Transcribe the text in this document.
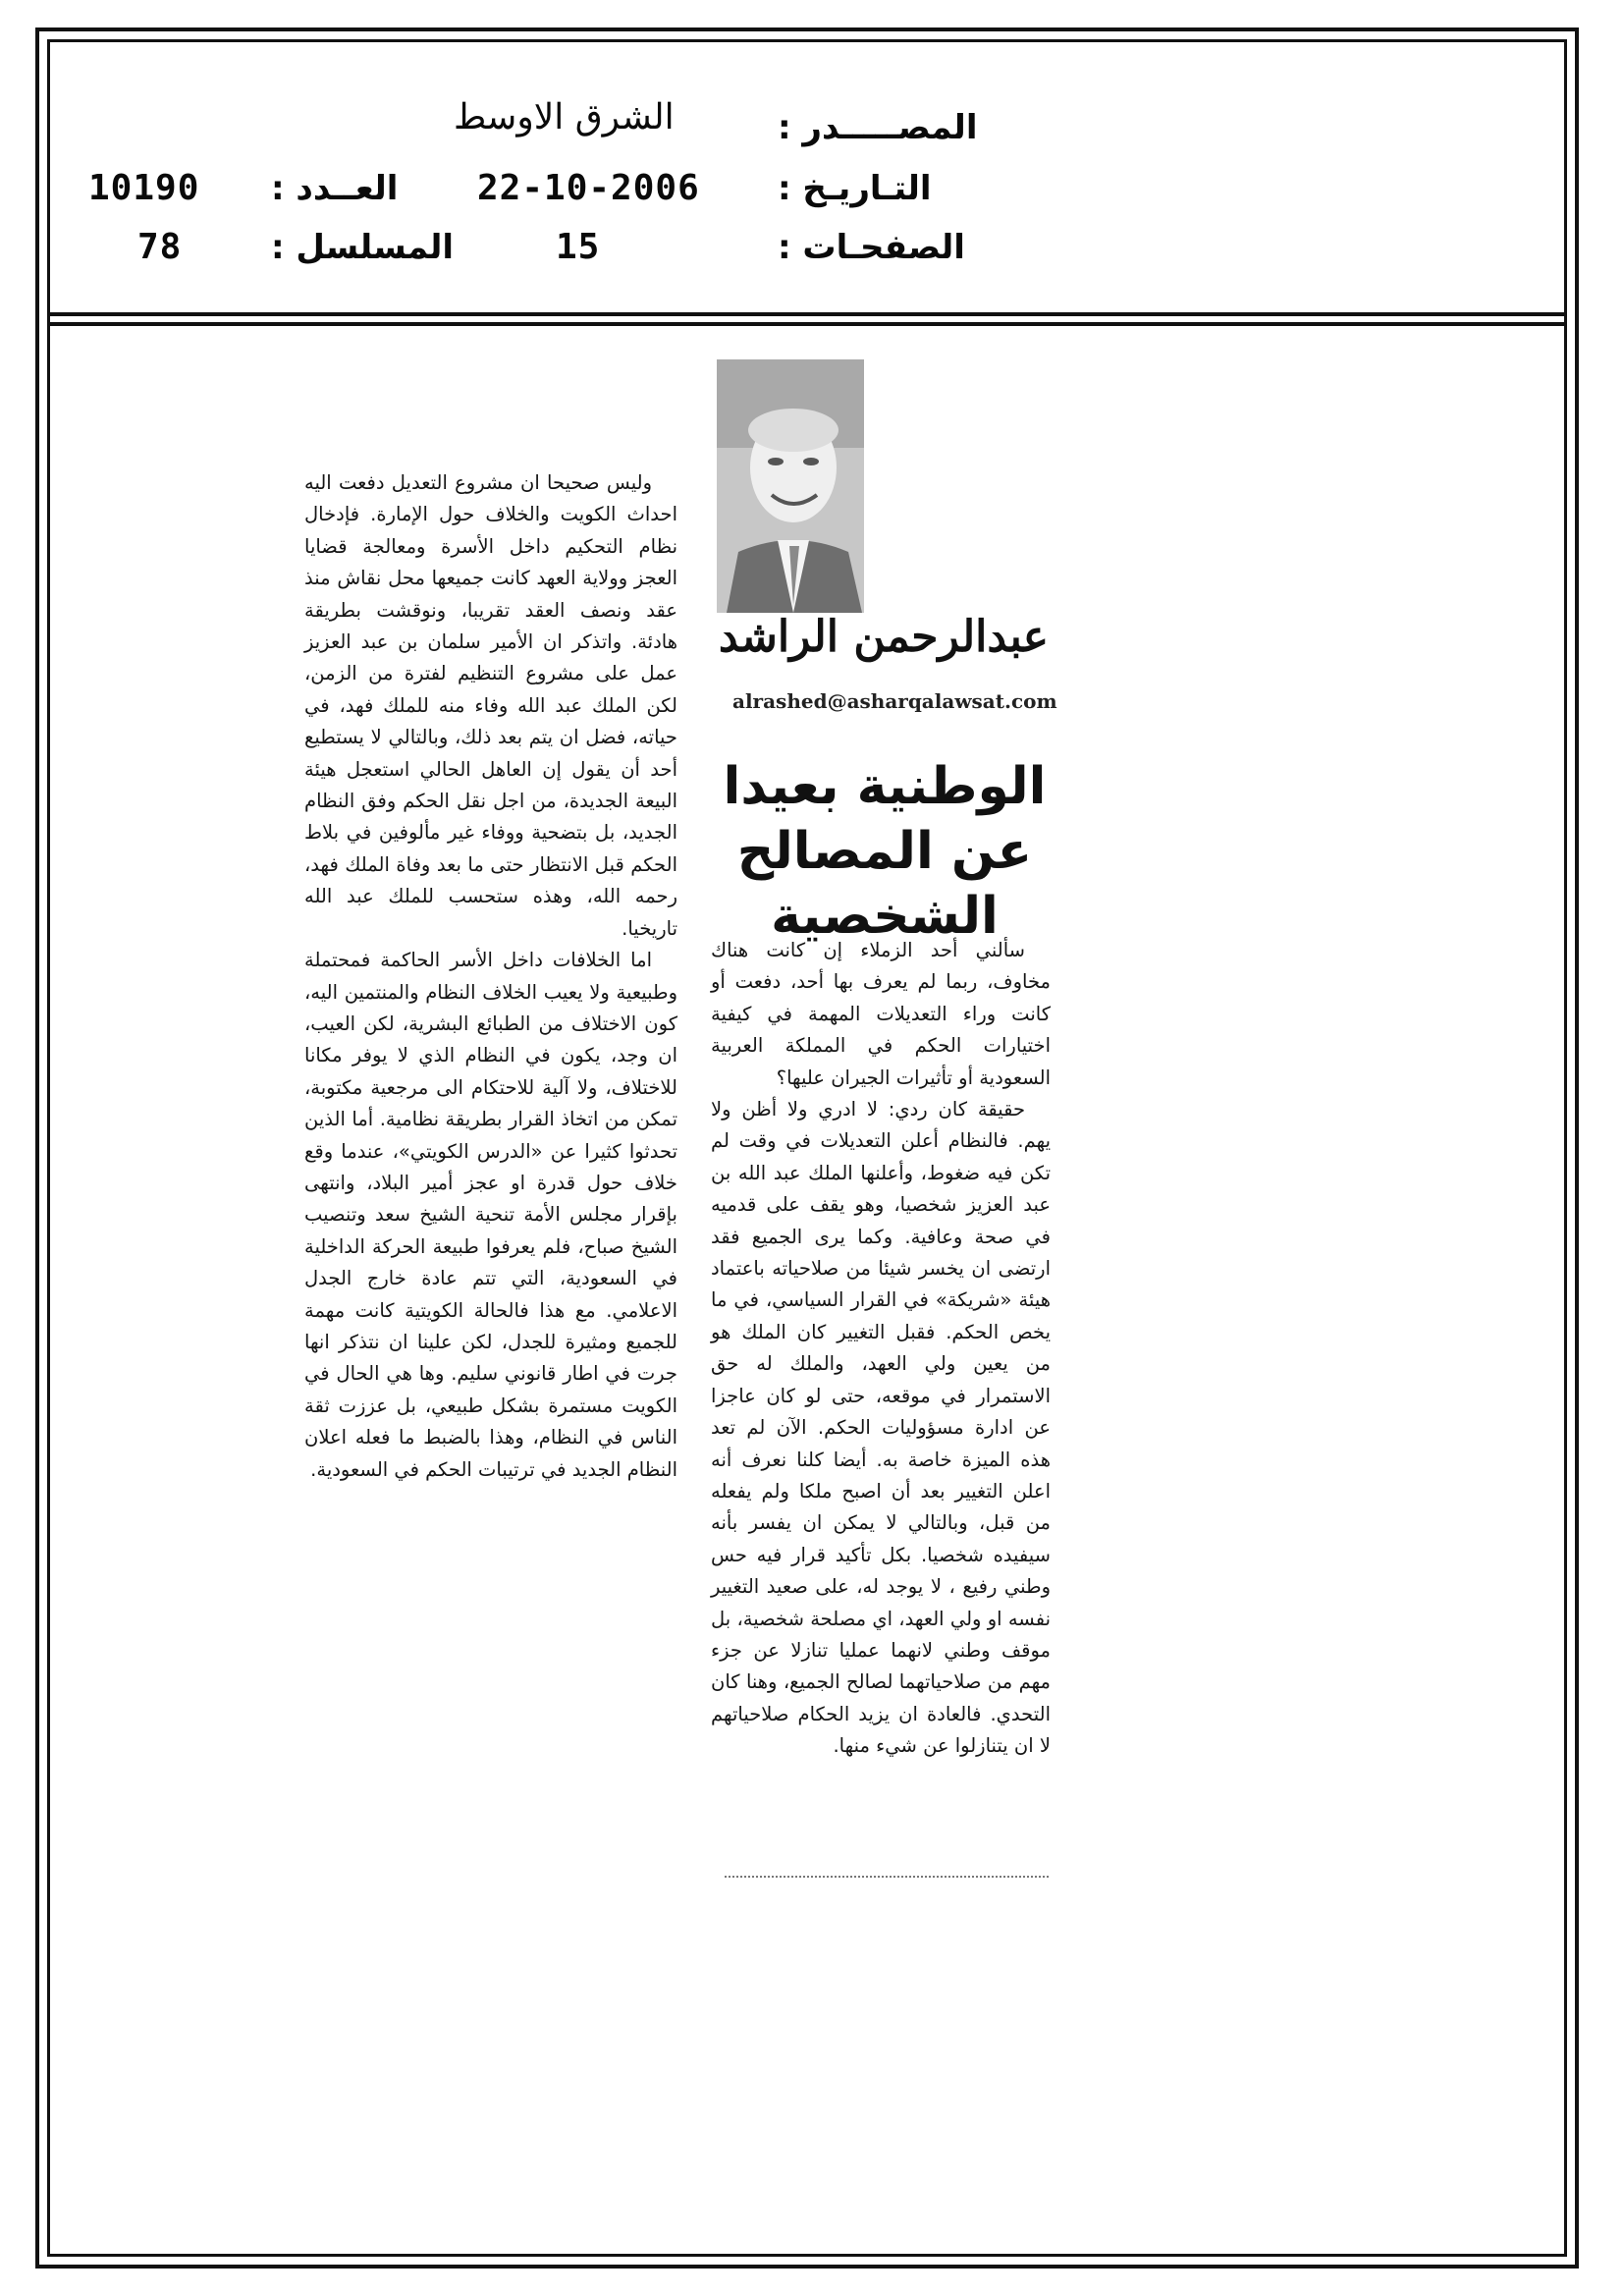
المصـــــدر :
الشرق الاوسط
التـاريـخ :
22-10-2006
العــدد :
10190
الصفحـات :
15
المسلسل :
78
عبدالرحمن الراشد
alrashed@asharqalawsat.com
الوطنية بعيدا
عن المصالح الشخصية

سألني أحد الزملاء إن كانت هناك مخاوف، ربما لم يعرف بها أحد، دفعت أو كانت وراء التعديلات المهمة في كيفية اختيارات الحكم في المملكة العربية السعودية أو تأثيرات الجيران عليها؟

حقيقة كان ردي: لا ادري ولا أظن ولا يهم. فالنظام أعلن التعديلات في وقت لم تكن فيه ضغوط، وأعلنها الملك عبد الله بن عبد العزيز شخصيا، وهو يقف على قدميه في صحة وعافية. وكما يرى الجميع فقد ارتضى ان يخسر شيئا من صلاحياته باعتماد هيئة «شريكة» في القرار السياسي، في ما يخص الحكم. فقبل التغيير كان الملك هو من يعين ولي العهد، والملك له حق الاستمرار في موقعه، حتى لو كان عاجزا عن ادارة مسؤوليات الحكم. الآن لم تعد هذه الميزة خاصة به. أيضا كلنا نعرف أنه اعلن التغيير بعد أن اصبح ملكا ولم يفعله من قبل، وبالتالي لا يمكن ان يفسر بأنه سيفيده شخصيا. بكل تأكيد قرار فيه حس وطني رفيع ، لا يوجد له، على صعيد التغيير نفسه او ولي العهد، اي مصلحة شخصية، بل موقف وطني لانهما عمليا تنازلا عن جزء مهم من صلاحياتهما لصالح الجميع، وهنا كان التحدي. فالعادة ان يزيد الحكام صلاحياتهم لا ان يتنازلوا عن شيء منها.

وليس صحيحا ان مشروع التعديل دفعت اليه احداث الكويت والخلاف حول الإمارة. فإدخال نظام التحكيم داخل الأسرة ومعالجة قضايا العجز وولاية العهد كانت جميعها محل نقاش منذ عقد ونصف العقد تقريبا، ونوقشت بطريقة هادئة. واتذكر ان الأمير سلمان بن عبد العزيز عمل على مشروع التنظيم لفترة من الزمن، لكن الملك عبد الله وفاء منه للملك فهد، في حياته، فضل ان يتم بعد ذلك، وبالتالي لا يستطيع أحد أن يقول إن العاهل الحالي استعجل هيئة البيعة الجديدة، من اجل نقل الحكم وفق النظام الجديد، بل بتضحية ووفاء غير مألوفين في بلاط الحكم قبل الانتظار حتى ما بعد وفاة الملك فهد، رحمه الله، وهذه ستحسب للملك عبد الله تاريخيا.

اما الخلافات داخل الأسر الحاكمة فمحتملة وطبيعية ولا يعيب الخلاف النظام والمنتمين اليه، كون الاختلاف من الطبائع البشرية، لكن العيب، ان وجد، يكون في النظام الذي لا يوفر مكانا للاختلاف، ولا آلية للاحتكام الى مرجعية مكتوبة، تمكن من اتخاذ القرار بطريقة نظامية. أما الذين تحدثوا كثيرا عن «الدرس الكويتي»، عندما وقع خلاف حول قدرة او عجز أمير البلاد، وانتهى بإقرار مجلس الأمة تنحية الشيخ سعد وتنصيب الشيخ صباح، فلم يعرفوا طبيعة الحركة الداخلية في السعودية، التي تتم عادة خارج الجدل الاعلامي. مع هذا فالحالة الكويتية كانت مهمة للجميع ومثيرة للجدل، لكن علينا ان نتذكر انها جرت في اطار قانوني سليم. وها هي الحال في الكويت مستمرة بشكل طبيعي، بل عززت ثقة الناس في النظام، وهذا بالضبط ما فعله اعلان النظام الجديد في ترتيبات الحكم في السعودية.
